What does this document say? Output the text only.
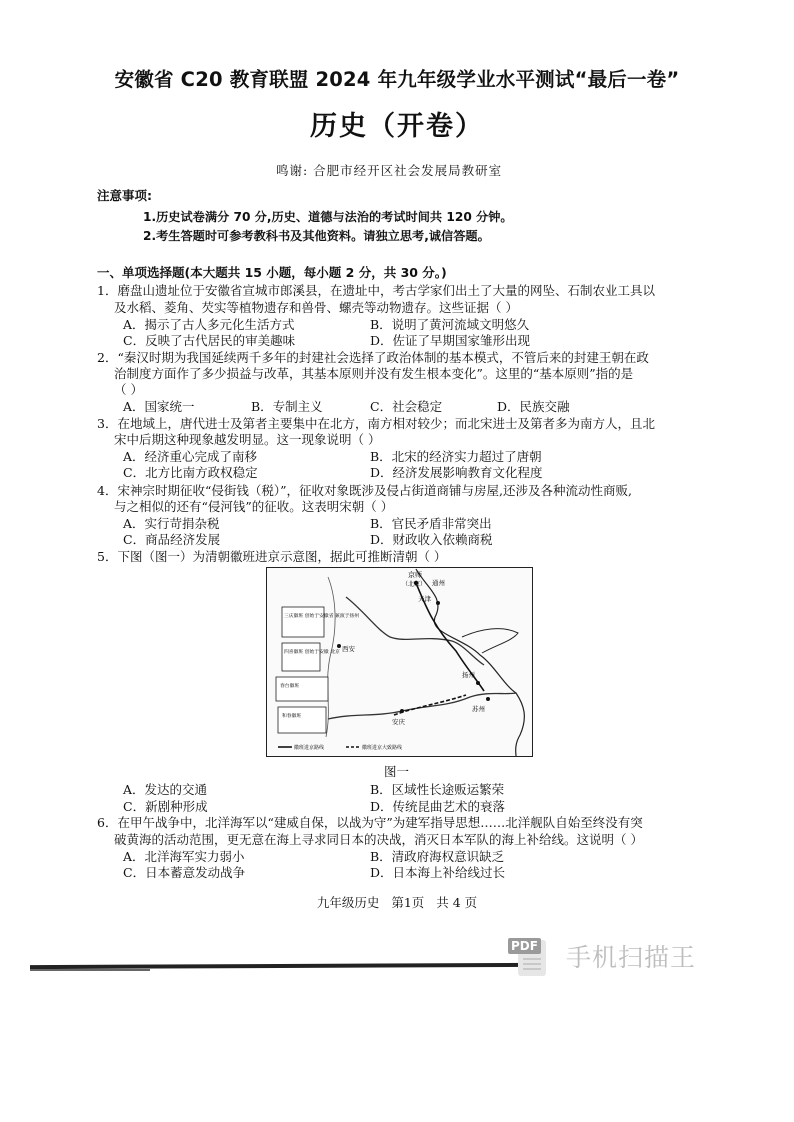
安徽省 C20 教育联盟 2024 年九年级学业水平测试“最后一卷”
历史（开卷）
鸣谢: 合肥市经开区社会发展局教研室
注意事项:
1.历史试卷满分 70 分,历史、道德与法治的考试时间共 120 分钟。
2.考生答题时可参考教科书及其他资料。请独立思考,诚信答题。
一、单项选择题(本大题共 15 小题，每小题 2 分，共 30 分。)
1．磨盘山遗址位于安徽省宣城市郎溪县，在遗址中，考古学家们出土了大量的网坠、石制农业工具以
及水稻、菱角、芡实等植物遗存和兽骨、螺壳等动物遗存。这些证据（ ）
A．揭示了古人多元化生活方式	B．说明了黄河流域文明悠久
C．反映了古代居民的审美趣味	D．佐证了早期国家雏形出现
2．“秦汉时期为我国延续两千多年的封建社会选择了政治体制的基本模式，不管后来的封建王朝在政
治制度方面作了多少损益与改革，其基本原则并没有发生根本变化”。这里的“基本原则”指的是
（ ）
A．国家统一	B．专制主义	C．社会稳定	D．民族交融
3．在地域上，唐代进士及第者主要集中在北方，南方相对较少；而北宋进士及第者多为南方人，且北
宋中后期这种现象越发明显。这一现象说明（ ）
A．经济重心完成了南移	B．北宋的经济实力超过了唐朝
C．北方比南方政权稳定	D．经济发展影响教育文化程度
4．宋神宗时期征收“侵街钱（税）”，征收对象既涉及侵占街道商铺与房屋,还涉及各种流动性商贩,
与之相似的还有“侵河钱”的征收。这表明宋朝（ ）
A．实行苛捐杂税	B．官民矛盾非常突出
C．商品经济发展	D．财政收入依赖商税
5．下图（图一）为清朝徽班进京示意图，据此可推断清朝（ ）
京师
（北京） 通州
天津
西安
扬州
苏州
安庆
三庆徽班 创始于安徽省 兼演于扬州
四喜徽班 创始于安徽 北京
春台徽班
和春徽班
徽班进京路线	徽班进京大致路线
图一
A．发达的交通	B．区域性长途贩运繁荣
C．新剧种形成	D．传统昆曲艺术的衰落
6．在甲午战争中，北洋海军以“建威自保，以战为守”为建军指导思想……北洋舰队自始至终没有突
破黄海的活动范围，更无意在海上寻求同日本的决战，消灭日本军队的海上补给线。这说明（ ）
A．北洋海军实力弱小	B．清政府海权意识缺乏
C．日本蓄意发动战争	D．日本海上补给线过长
九年级历史 第1页 共 4 页
PDF 手机扫描王
